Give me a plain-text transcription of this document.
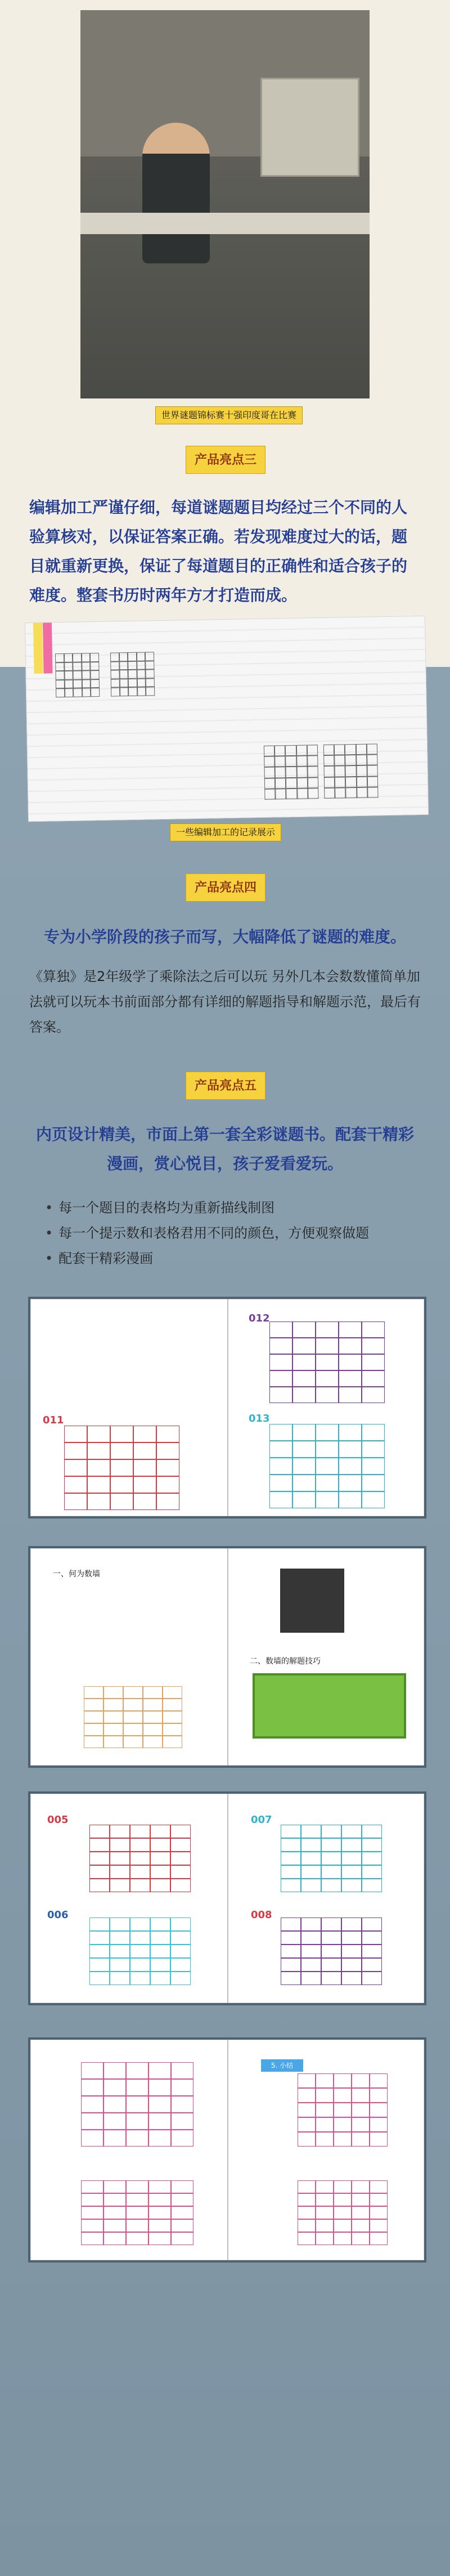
世界谜题锦标赛十强印度哥在比赛
产品亮点三
编辑加工严谨仔细，每道谜题题目均经过三个不同的人验算核对，以保证答案正确。若发现难度过大的话，题目就重新更换，保证了每道题目的正确性和适合孩子的难度。整套书历时两年方才打造而成。
一些编辑加工的记录展示
产品亮点四
专为小学阶段的孩子而写，大幅降低了谜题的难度。
《算独》是2年级学了乘除法之后可以玩 另外几本会数数懂简单加法就可以玩本书前面部分都有详细的解题指导和解题示范，最后有答案。
产品亮点五
内页设计精美，市面上第一套全彩谜题书。配套干精彩漫画，赏心悦目，孩子爱看爱玩。
• 每一个题目的表格均为重新描线制图
• 每一个提示数和表格君用不同的颜色，方便观察做题
• 配套干精彩漫画
011
012
013
一、何为数墙
二、数墙的解题技巧
005
006
007
008
5. 小结
